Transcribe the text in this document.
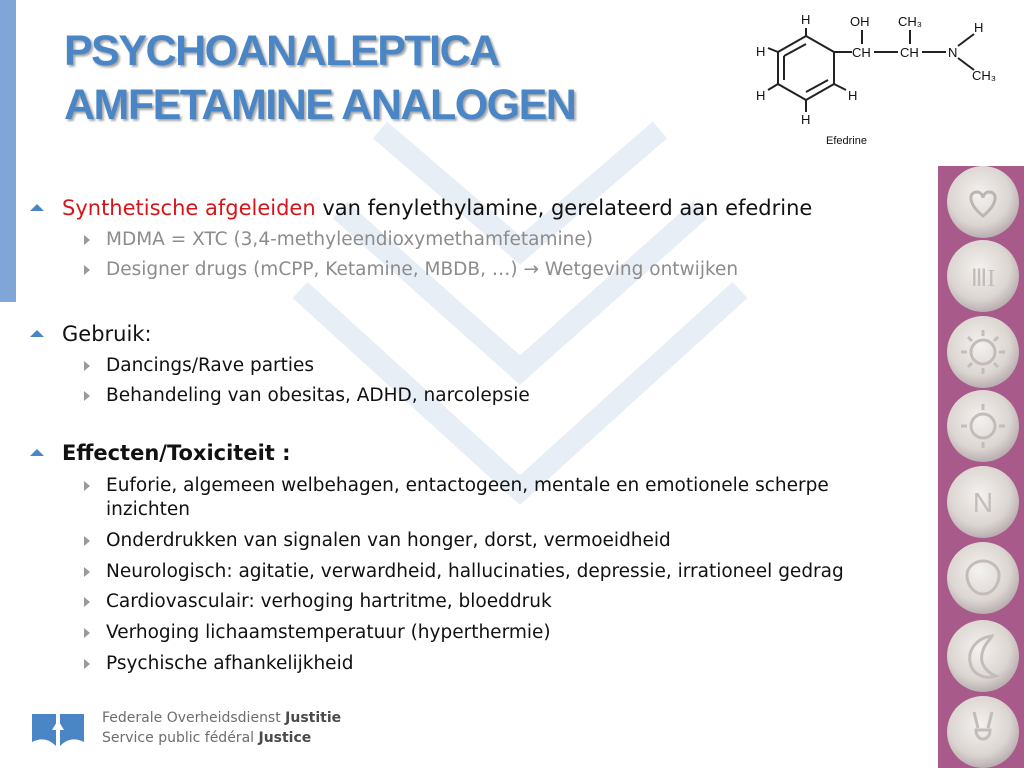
PSYCHOANALEPTICA
AMFETAMINE ANALOGEN
OH CH₃	H
CH CH N
CH₃
H
H
H	H
H
Efedrine
ⅢI
N
Synthetische afgeleiden van fenylethylamine, gerelateerd aan efedrine
MDMA = XTC (3,4-methyleendioxymethamfetamine)
Designer drugs (mCPP, Ketamine, MBDB, …) → Wetgeving ontwijken
Gebruik:
Dancings/Rave parties
Behandeling van obesitas, ADHD, narcolepsie
Effecten/Toxiciteit :
Euforie, algemeen welbehagen, entactogeen, mentale en emotionele scherpe
inzichten
Onderdrukken van signalen van honger, dorst, vermoeidheid
Neurologisch: agitatie, verwardheid, hallucinaties, depressie, irrationeel gedrag
Cardiovasculair: verhoging hartritme, bloeddruk
Verhoging lichaamstemperatuur (hyperthermie)
Psychische afhankelijkheid
Federale Overheidsdienst Justitie
Service public fédéral Justice
